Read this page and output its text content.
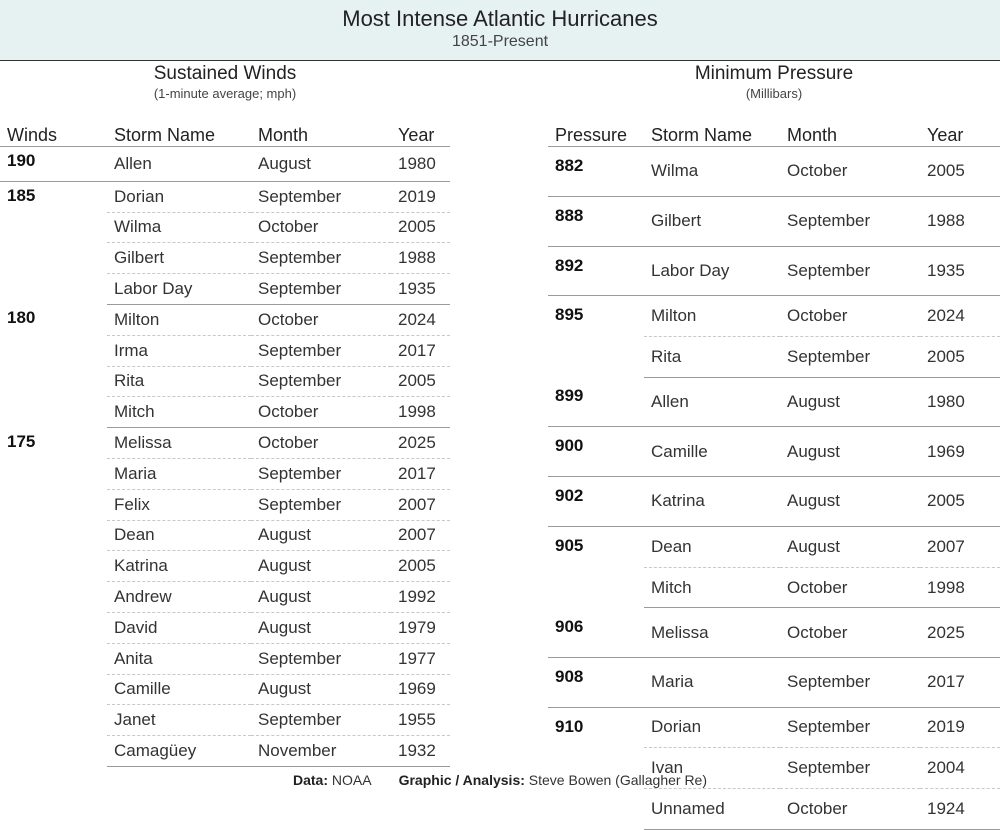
Most Intense Atlantic Hurricanes
1851-Present
Sustained Winds
(1-minute average; mph)
Winds	Storm Name	Month	Year
190	Allen	August	1980
185	Dorian	September	2019
	Wilma	October	2005
	Gilbert	September	1988
	Labor Day	September	1935
180	Milton	October	2024
	Irma	September	2017
	Rita	September	2005
	Mitch	October	1998
175	Melissa	October	2025
	Maria	September	2017
	Felix	September	2007
	Dean	August	2007
	Katrina	August	2005
	Andrew	August	1992
	David	August	1979
	Anita	September	1977
	Camille	August	1969
	Janet	September	1955
	Camagüey	November	1932
Minimum Pressure
(Millibars)
Pressure	Storm Name	Month	Year
882	Wilma	October	2005
888	Gilbert	September	1988
892	Labor Day	September	1935
895	Milton	October	2024
	Rita	September	2005
899	Allen	August	1980
900	Camille	August	1969
902	Katrina	August	2005
905	Dean	August	2007
	Mitch	October	1998
906	Melissa	October	2025
908	Maria	September	2017
910	Dorian	September	2019
	Ivan	September	2004
	Unnamed	October	1924
Data: NOAA Graphic / Analysis: Steve Bowen (Gallagher Re)
